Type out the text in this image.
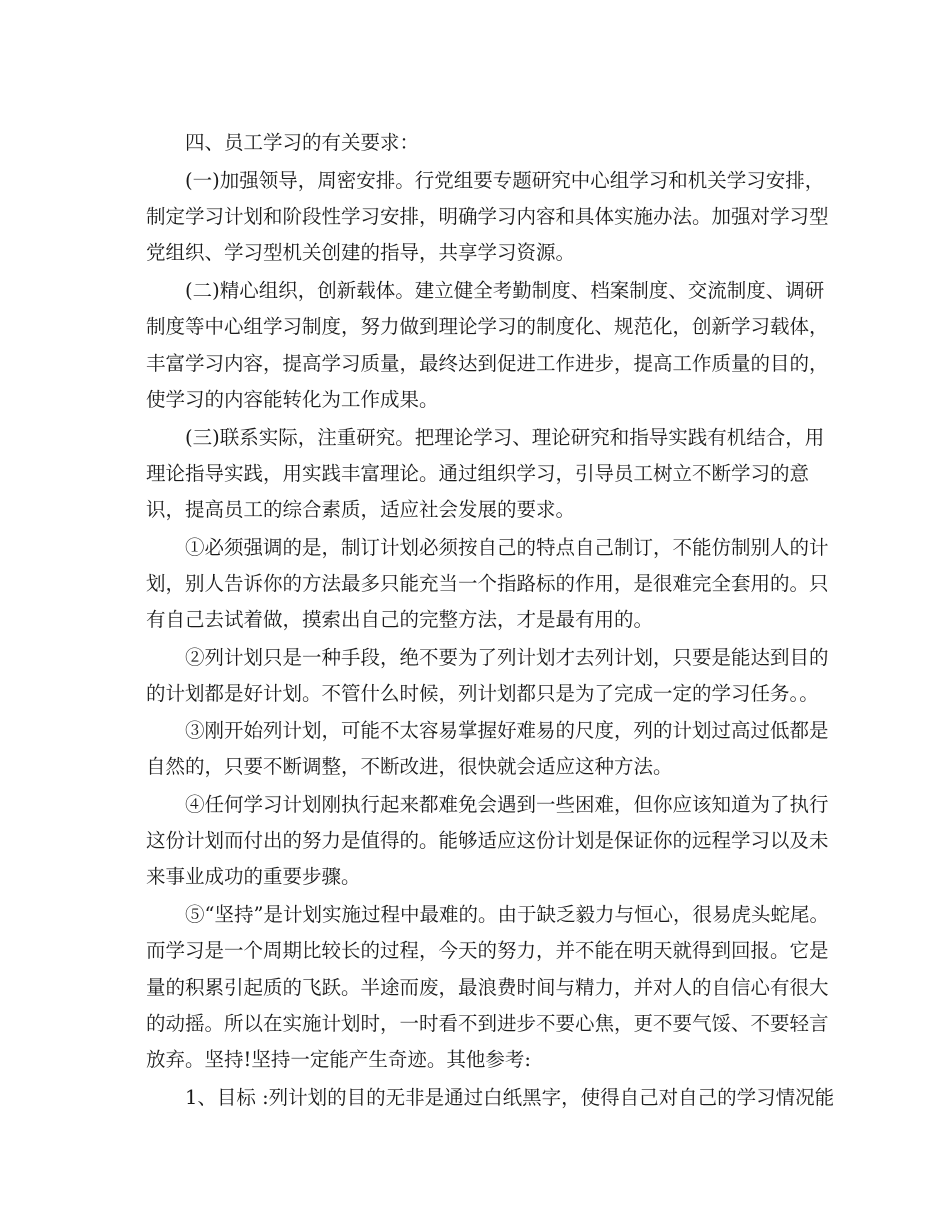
　　四、员工学习的有关要求：
　　(一)加强领导，周密安排。行党组要专题研究中心组学习和机关学习安排，
制定学习计划和阶段性学习安排，明确学习内容和具体实施办法。加强对学习型
党组织、学习型机关创建的指导，共享学习资源。
　　(二)精心组织，创新载体。建立健全考勤制度、档案制度、交流制度、调研
制度等中心组学习制度，努力做到理论学习的制度化、规范化，创新学习载体，
丰富学习内容，提高学习质量，最终达到促进工作进步，提高工作质量的目的，
使学习的内容能转化为工作成果。
　　(三)联系实际，注重研究。把理论学习、理论研究和指导实践有机结合，用
理论指导实践，用实践丰富理论。通过组织学习，引导员工树立不断学习的意
识，提高员工的综合素质，适应社会发展的要求。
　　①必须强调的是，制订计划必须按自己的特点自己制订，不能仿制别人的计
划，别人告诉你的方法最多只能充当一个指路标的作用，是很难完全套用的。只
有自己去试着做，摸索出自己的完整方法，才是最有用的。
　　②列计划只是一种手段，绝不要为了列计划才去列计划，只要是能达到目的
的计划都是好计划。不管什么时候，列计划都只是为了完成一定的学习任务。。
　　③刚开始列计划，可能不太容易掌握好难易的尺度，列的计划过高过低都是
自然的，只要不断调整，不断改进，很快就会适应这种方法。
　　④任何学习计划刚执行起来都难免会遇到一些困难，但你应该知道为了执行
这份计划而付出的努力是值得的。能够适应这份计划是保证你的远程学习以及未
来事业成功的重要步骤。
　　⑤“坚持”是计划实施过程中最难的。由于缺乏毅力与恒心，很易虎头蛇尾。
而学习是一个周期比较长的过程，今天的努力，并不能在明天就得到回报。它是
量的积累引起质的飞跃。半途而废，最浪费时间与精力，并对人的自信心有很大
的动摇。所以在实施计划时，一时看不到进步不要心焦，更不要气馁、不要轻言
放弃。坚持!坚持一定能产生奇迹。其他参考:
　　1、目标 :列计划的目的无非是通过白纸黑字，使得自己对自己的学习情况能
